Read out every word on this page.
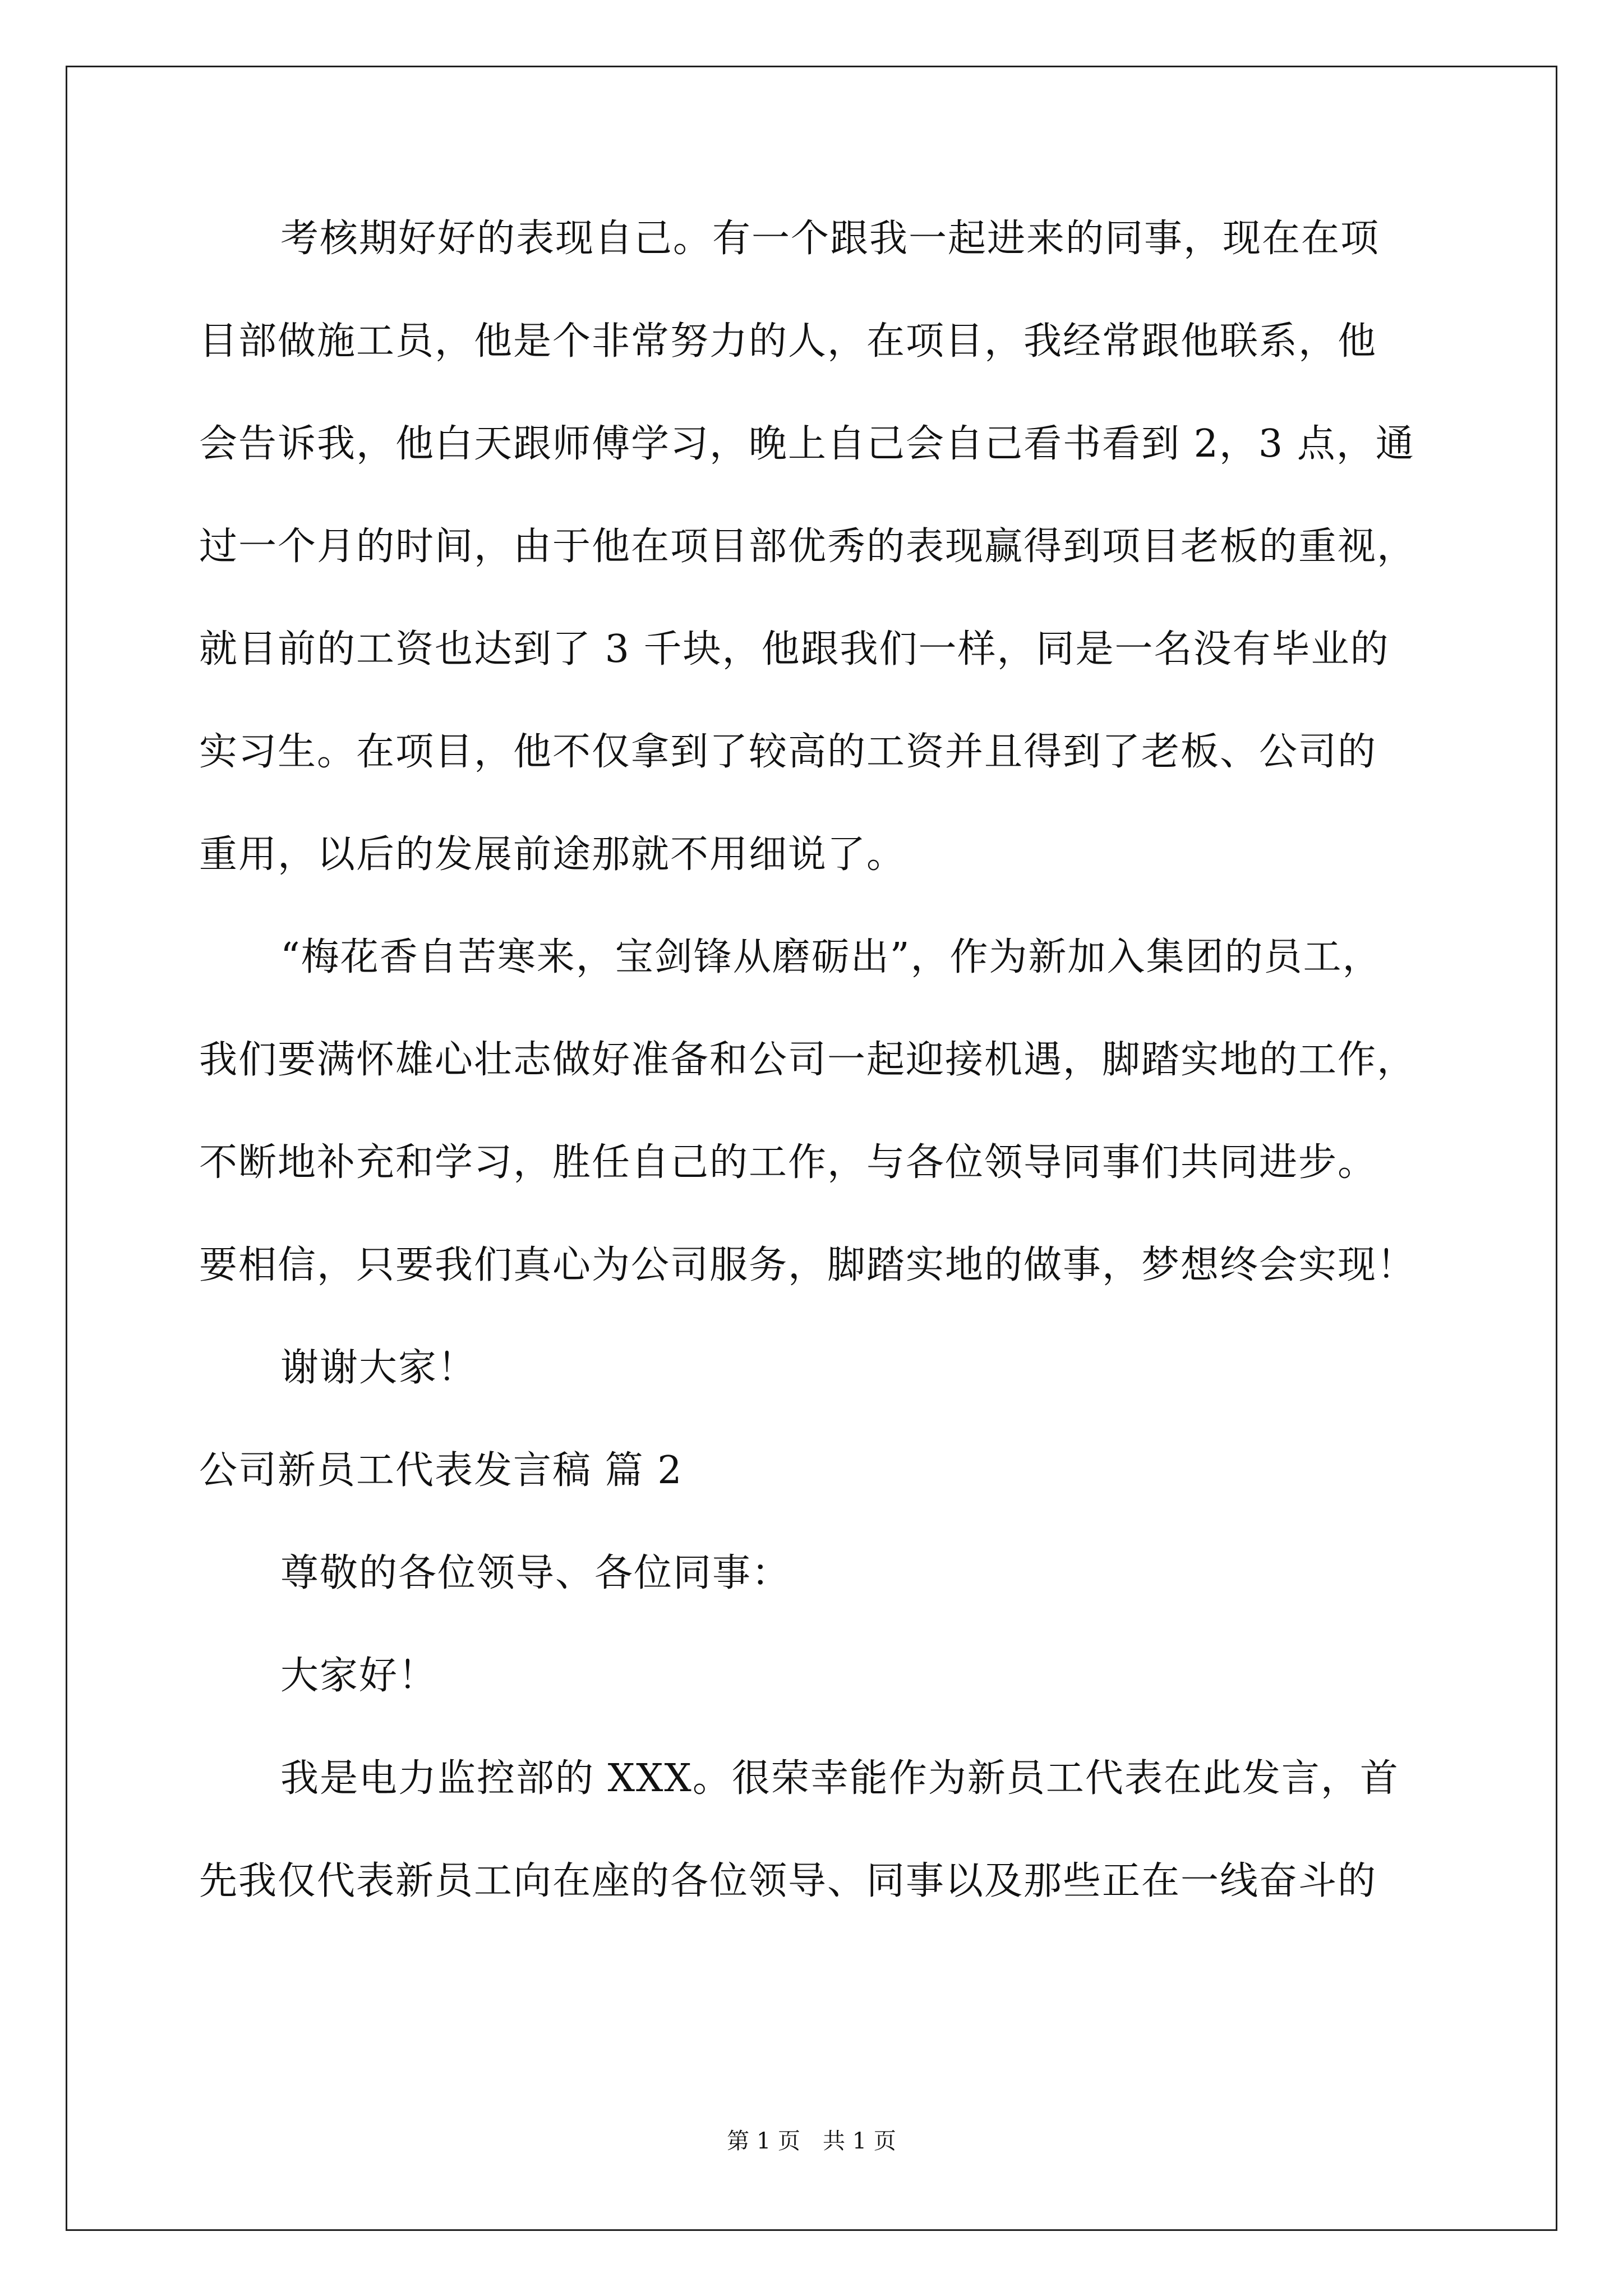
考核期好好的表现自己。有一个跟我一起进来的同事，现在在项
目部做施工员，他是个非常努力的人，在项目，我经常跟他联系，他
会告诉我，他白天跟师傅学习，晚上自己会自己看书看到 2，3 点，通
过一个月的时间，由于他在项目部优秀的表现赢得到项目老板的重视，
就目前的工资也达到了 3 千块，他跟我们一样，同是一名没有毕业的
实习生。在项目，他不仅拿到了较高的工资并且得到了老板、公司的
重用，以后的发展前途那就不用细说了。
“梅花香自苦寒来，宝剑锋从磨砺出”，作为新加入集团的员工，
我们要满怀雄心壮志做好准备和公司一起迎接机遇，脚踏实地的工作，
不断地补充和学习，胜任自己的工作，与各位领导同事们共同进步。
要相信，只要我们真心为公司服务，脚踏实地的做事，梦想终会实现！
谢谢大家！
公司新员工代表发言稿 篇 2
尊敬的各位领导、各位同事：
大家好！
我是电力监控部的 XXX。很荣幸能作为新员工代表在此发言，首
先我仅代表新员工向在座的各位领导、同事以及那些正在一线奋斗的
第 1 页　共 1 页
